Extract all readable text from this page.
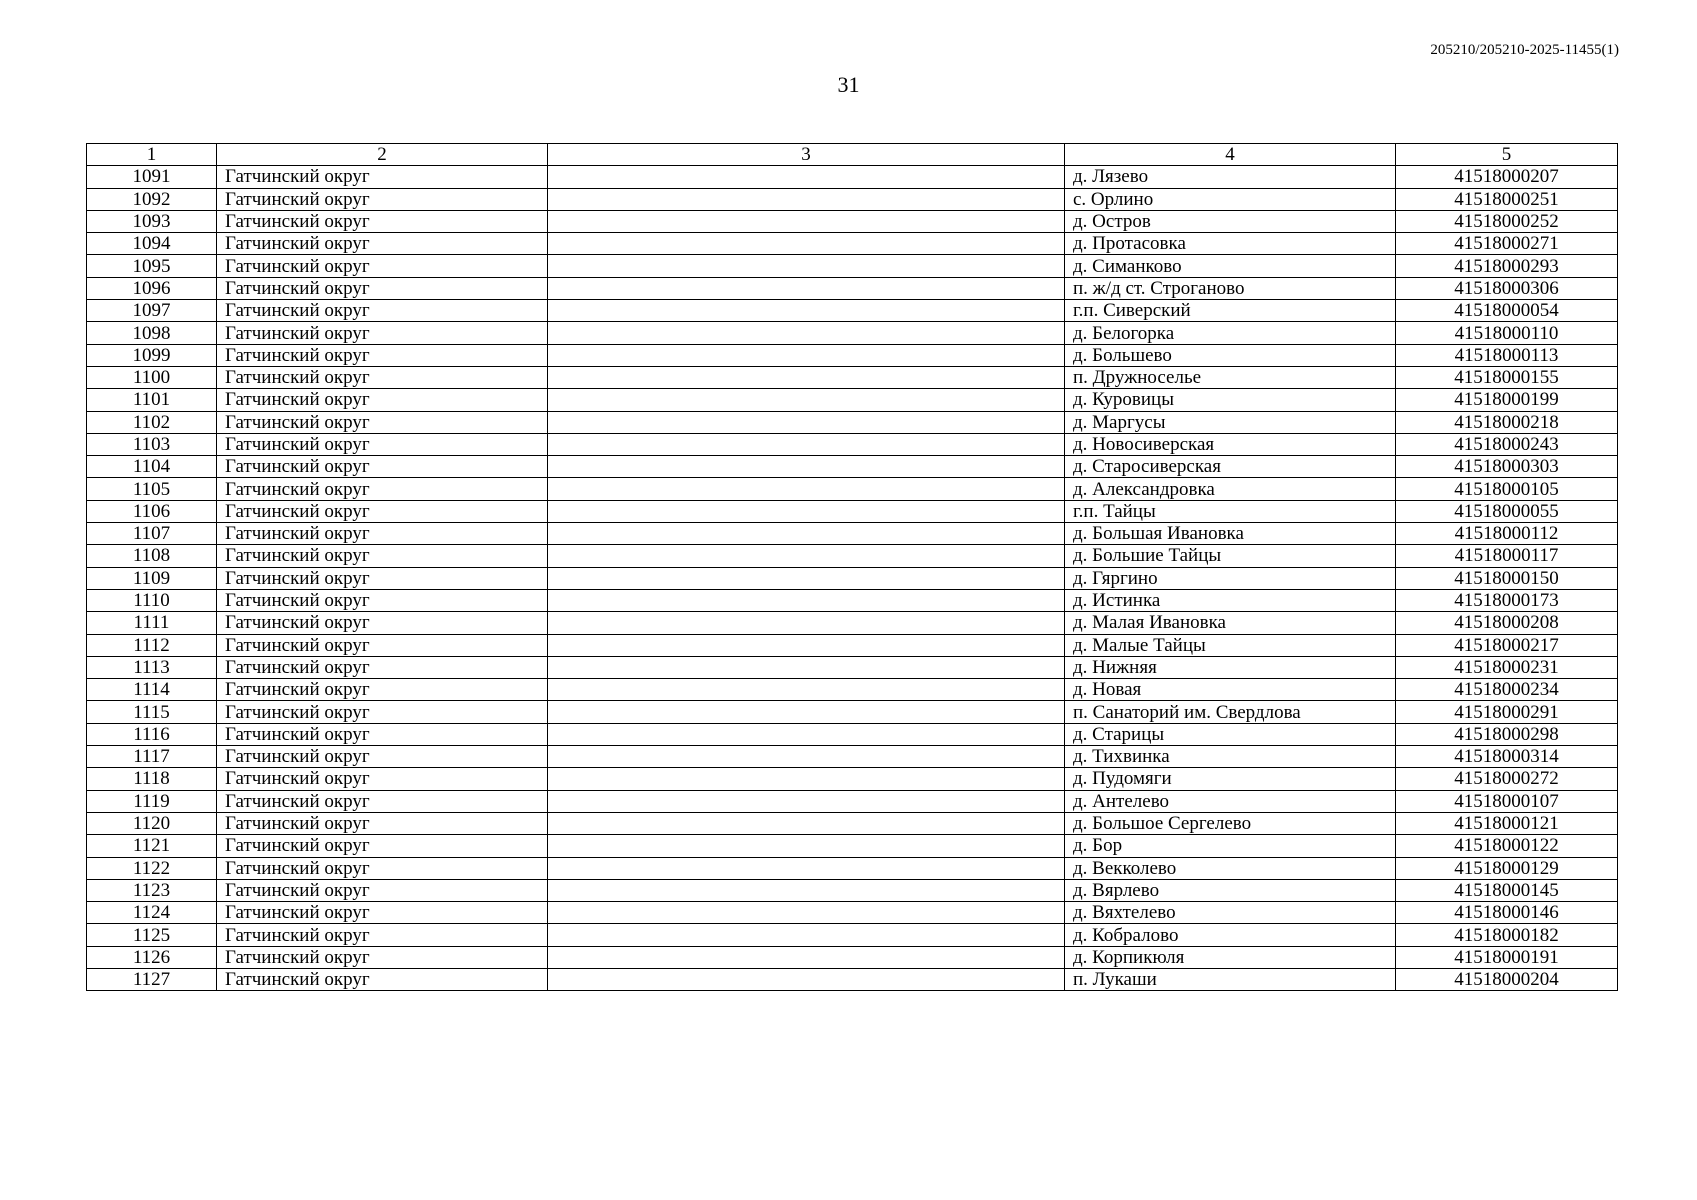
205210/205210-2025-11455(1)
31
1	2	3	4	5
1091	Гатчинский округ		д. Лязево	41518000207
1092	Гатчинский округ		с. Орлино	41518000251
1093	Гатчинский округ		д. Остров	41518000252
1094	Гатчинский округ		д. Протасовка	41518000271
1095	Гатчинский округ		д. Симанково	41518000293
1096	Гатчинский округ		п. ж/д ст. Строганово	41518000306
1097	Гатчинский округ		г.п. Сиверский	41518000054
1098	Гатчинский округ		д. Белогорка	41518000110
1099	Гатчинский округ		д. Большево	41518000113
1100	Гатчинский округ		п. Дружноселье	41518000155
1101	Гатчинский округ		д. Куровицы	41518000199
1102	Гатчинский округ		д. Маргусы	41518000218
1103	Гатчинский округ		д. Новосиверская	41518000243
1104	Гатчинский округ		д. Старосиверская	41518000303
1105	Гатчинский округ		д. Александровка	41518000105
1106	Гатчинский округ		г.п. Тайцы	41518000055
1107	Гатчинский округ		д. Большая Ивановка	41518000112
1108	Гатчинский округ		д. Большие Тайцы	41518000117
1109	Гатчинский округ		д. Гяргино	41518000150
1110	Гатчинский округ		д. Истинка	41518000173
1111	Гатчинский округ		д. Малая Ивановка	41518000208
1112	Гатчинский округ		д. Малые Тайцы	41518000217
1113	Гатчинский округ		д. Нижняя	41518000231
1114	Гатчинский округ		д. Новая	41518000234
1115	Гатчинский округ		п. Санаторий им. Свердлова	41518000291
1116	Гатчинский округ		д. Старицы	41518000298
1117	Гатчинский округ		д. Тихвинка	41518000314
1118	Гатчинский округ		д. Пудомяги	41518000272
1119	Гатчинский округ		д. Антелево	41518000107
1120	Гатчинский округ		д. Большое Сергелево	41518000121
1121	Гатчинский округ		д. Бор	41518000122
1122	Гатчинский округ		д. Векколево	41518000129
1123	Гатчинский округ		д. Вярлево	41518000145
1124	Гатчинский округ		д. Вяхтелево	41518000146
1125	Гатчинский округ		д. Кобралово	41518000182
1126	Гатчинский округ		д. Корпикюля	41518000191
1127	Гатчинский округ		п. Лукаши	41518000204
